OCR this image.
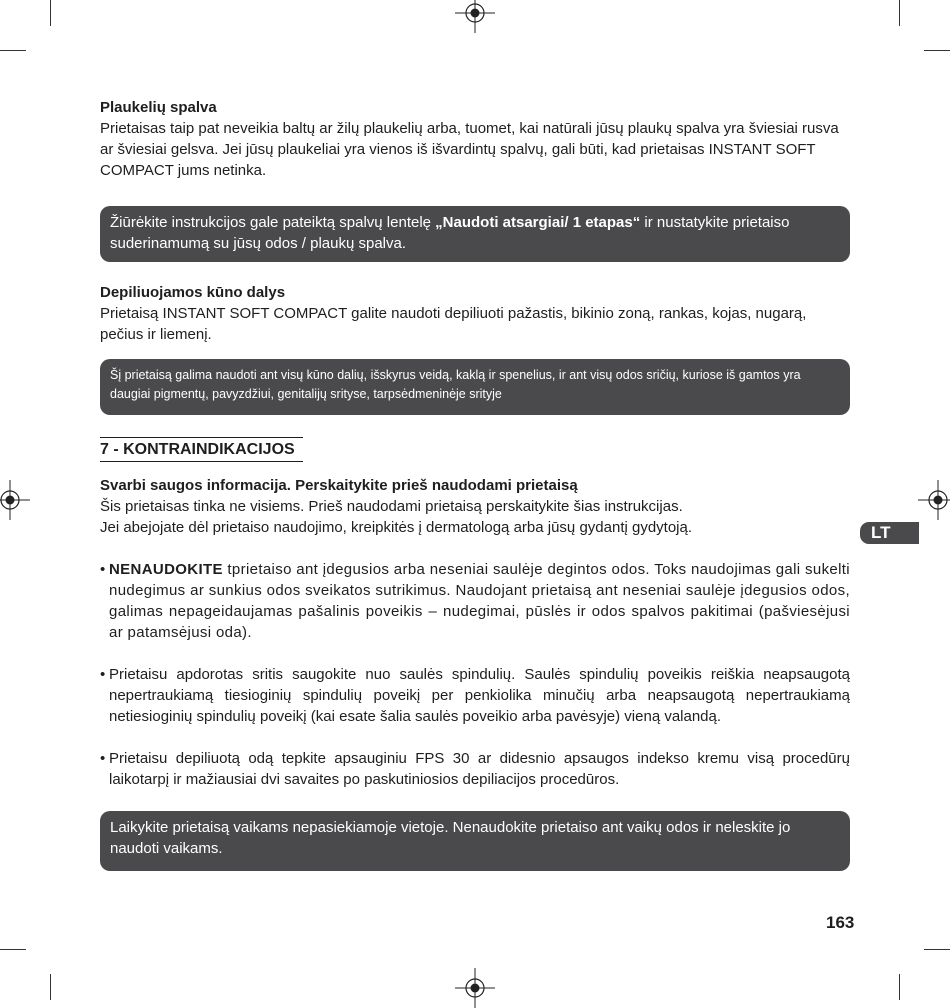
Plaukelių spalva

Prietaisas taip pat neveikia baltų ar žilų plaukelių arba, tuomet, kai natūrali jūsų plaukų spalva yra šviesiai rusva ar šviesiai gelsva. Jei jūsų plaukeliai yra vienos iš išvardintų spalvų, gali būti, kad prietaisas INSTANT SOFT COMPACT jums netinka.

Žiūrėkite instrukcijos gale pateiktą spalvų lentelę „Naudoti atsargiai/ 1 etapas“ ir nustatykite prietaiso suderinamumą su jūsų odos / plaukų spalva.

Depiliuojamos kūno dalys

Prietaisą INSTANT SOFT COMPACT galite naudoti depiliuoti pažastis, bikinio zoną, rankas, kojas, nugarą, pečius ir liemenį.

Šį prietaisą galima naudoti ant visų kūno dalių, išskyrus veidą, kaklą ir spenelius, ir ant visų odos sričių, kuriose iš gamtos yra daugiai pigmentų, pavyzdžiui, genitalijų srityse, tarpsėdmeninėje srityje
7 - KONTRAINDIKACIJOS

Svarbi saugos informacija. Perskaitykite prieš naudodami prietaisą

Šis prietaisas tinka ne visiems. Prieš naudodami prietaisą perskaitykite šias instrukcijas.

Jei abejojate dėl prietaiso naudojimo, kreipkitės į dermatologą arba jūsų gydantį gydytoją.

• NENAUDOKITE tprietaiso ant įdegusios arba neseniai saulėje degintos odos. Toks naudojimas gali sukelti nudegimus ar sunkius odos sveikatos sutrikimus. Naudojant prietaisą ant neseniai saulėje įdegusios odos, galimas nepageidaujamas pašalinis poveikis – nudegimai, pūslės ir odos spalvos pakitimai (pašviesėjusi ar patamsėjusi oda).

• Prietaisu apdorotas sritis saugokite nuo saulės spindulių. Saulės spindulių poveikis reiškia neapsaugotą nepertraukiamą tiesioginių spindulių poveikį per penkiolika minučių arba neapsaugotą nepertraukiamą netiesioginių spindulių poveikį (kai esate šalia saulės poveikio arba pavėsyje) vieną valandą.

• Prietaisu depiliuotą odą tepkite apsauginiu FPS 30 ar didesnio apsaugos indekso kremu visą procedūrų laikotarpį ir mažiausiai dvi savaites po paskutiniosios depiliacijos procedūros.

Laikykite prietaisą vaikams nepasiekiamoje vietoje. Nenaudokite prietaiso ant vaikų odos ir neleskite jo naudoti vaikams.
LT
163
